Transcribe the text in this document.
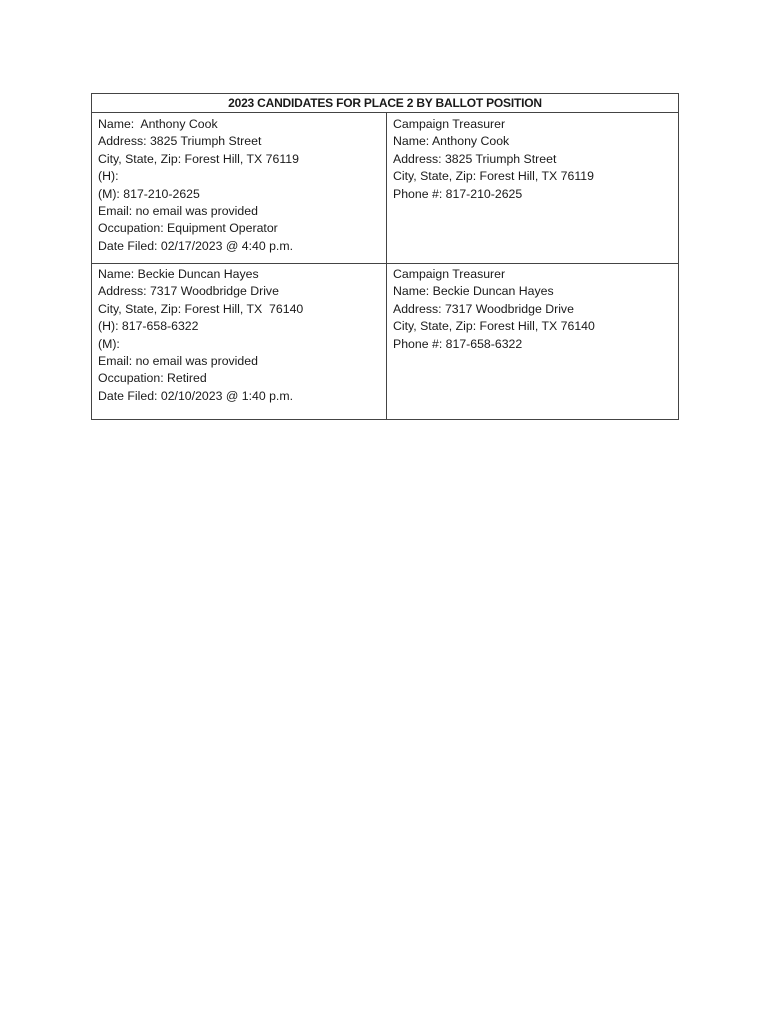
2023 CANDIDATES FOR PLACE 2 BY BALLOT POSITION
Name:  Anthony Cook
Address: 3825 Triumph Street
City, State, Zip: Forest Hill, TX 76119
(H):
(M): 817-210-2625
Email: no email was provided
Occupation: Equipment Operator
Date Filed: 02/17/2023 @ 4:40 p.m.
Campaign Treasurer
Name: Anthony Cook
Address: 3825 Triumph Street
City, State, Zip: Forest Hill, TX 76119
Phone #: 817-210-2625
Name: Beckie Duncan Hayes
Address: 7317 Woodbridge Drive
City, State, Zip: Forest Hill, TX  76140
(H): 817-658-6322
(M):
Email: no email was provided
Occupation: Retired
Date Filed: 02/10/2023 @ 1:40 p.m.
Campaign Treasurer
Name: Beckie Duncan Hayes
Address: 7317 Woodbridge Drive
City, State, Zip: Forest Hill, TX 76140
Phone #: 817-658-6322
